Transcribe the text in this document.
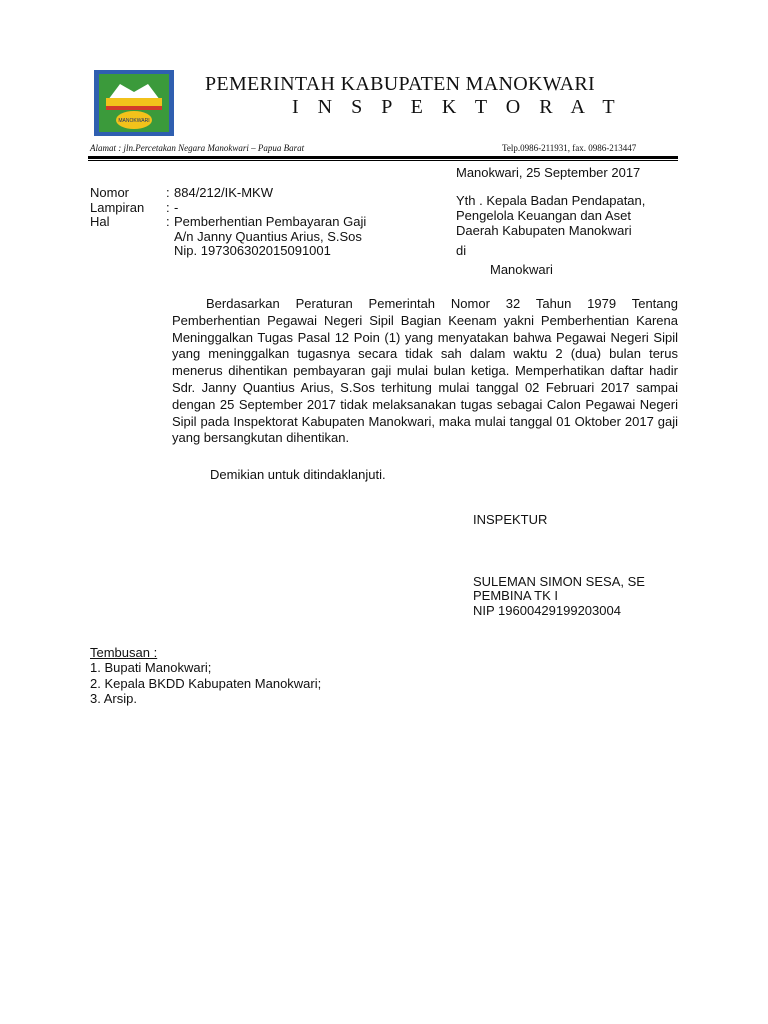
MANOKWARI
PEMERINTAH KABUPATEN MANOKWARI
I N S P E K T O R A T
Alamat : jln.Percetakan Negara Manokwari – Papua Barat	Telp.0986-211931, fax. 0986-213447
Manokwari, 25 September 2017
Yth . Kepala Badan Pendapatan,
Pengelola Keuangan dan Aset
Daerah Kabupaten Manokwari
di
Manokwari
Nomor	: 884/212/IK-MKW
Lampiran : -
Hal	: Pemberhentian Pembayaran Gaji
A/n Janny Quantius Arius, S.Sos
Nip. 197306302015091001

Berdasarkan Peraturan Pemerintah Nomor 32 Tahun 1979 Tentang Pemberhentian Pegawai Negeri Sipil Bagian Keenam yakni Pemberhentian Karena Meninggalkan Tugas Pasal 12 Poin (1) yang menyatakan bahwa Pegawai Negeri Sipil yang meninggalkan tugasnya secara tidak sah dalam waktu 2 (dua) bulan terus menerus dihentikan pembayaran gaji mulai bulan ketiga. Memperhatikan daftar hadir Sdr. Janny Quantius Arius, S.Sos terhitung mulai tanggal 02 Februari 2017 sampai dengan 25 September 2017 tidak melaksanakan tugas sebagai Calon Pegawai Negeri Sipil pada Inspektorat Kabupaten Manokwari, maka mulai tanggal 01 Oktober 2017 gaji yang bersangkutan dihentikan.

Demikian untuk ditindaklanjuti.
INSPEKTUR
SULEMAN SIMON SESA, SE
PEMBINA TK I
NIP 19600429199203004
Tembusan :
1. Bupati Manokwari;
2. Kepala BKDD Kabupaten Manokwari;
3. Arsip.
